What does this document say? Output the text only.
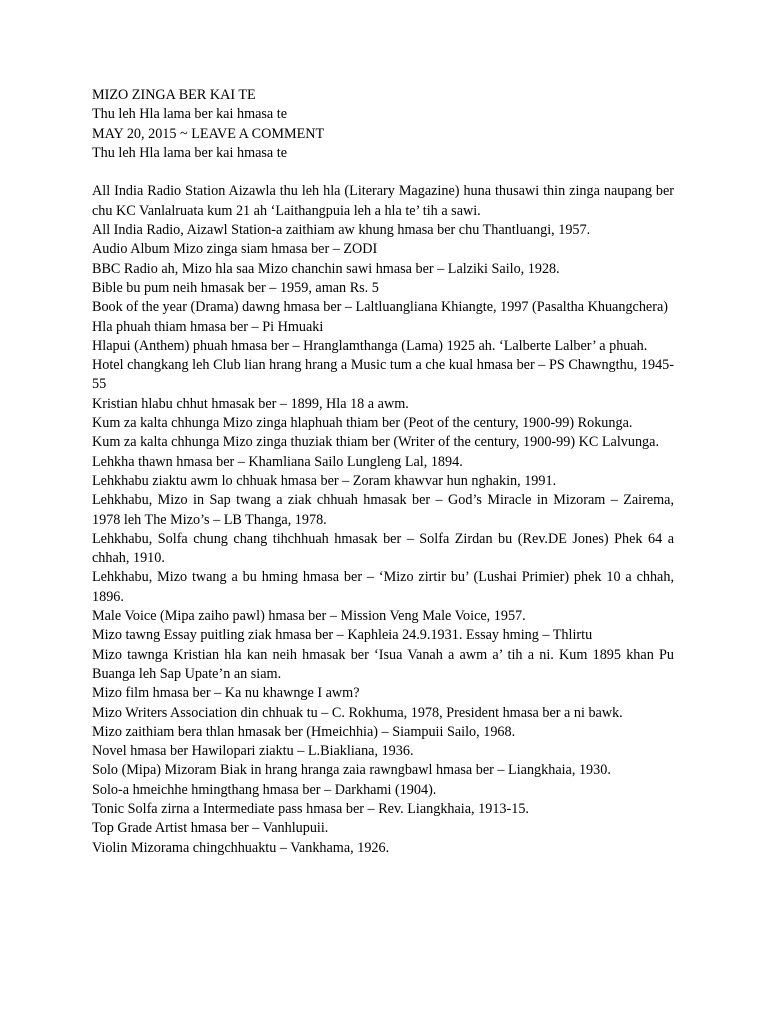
MIZO ZINGA BER KAI TE

Thu leh Hla lama ber kai hmasa te

MAY 20, 2015 ~ LEAVE A COMMENT

Thu leh Hla lama ber kai hmasa te

All India Radio Station Aizawla thu leh hla (Literary Magazine) huna thusawi thin zinga naupang ber chu KC Vanlalruata kum 21 ah ‘Laithangpuia leh a hla te’ tih a sawi.

All India Radio, Aizawl Station-a zaithiam aw khung hmasa ber chu Thantluangi, 1957.

Audio Album Mizo zinga siam hmasa ber – ZODI

BBC Radio ah, Mizo hla saa Mizo chanchin sawi hmasa ber – Lalziki Sailo, 1928.

Bible bu pum neih hmasak ber – 1959, aman Rs. 5

Book of the year (Drama) dawng hmasa ber – Laltluangliana Khiangte, 1997 (Pasaltha Khuangchera)

Hla phuah thiam hmasa ber – Pi Hmuaki

Hlapui (Anthem) phuah hmasa ber – Hranglamthanga (Lama) 1925 ah. ‘Lalberte Lalber’ a phuah.

Hotel changkang leh Club lian hrang hrang a Music tum a che kual hmasa ber – PS Chawngthu, 1945-55

Kristian hlabu chhut hmasak ber – 1899, Hla 18 a awm.

Kum za kalta chhunga Mizo zinga hlaphuah thiam ber (Peot of the century, 1900-99) Rokunga.

Kum za kalta chhunga Mizo zinga thuziak thiam ber (Writer of the century, 1900-99) KC Lalvunga.

Lehkha thawn hmasa ber – Khamliana Sailo Lungleng Lal, 1894.

Lehkhabu ziaktu awm lo chhuak hmasa ber – Zoram khawvar hun nghakin, 1991.

Lehkhabu, Mizo in Sap twang a ziak chhuah hmasak ber – God’s Miracle in Mizoram – Zairema, 1978 leh The Mizo’s – LB Thanga, 1978.

Lehkhabu, Solfa chung chang tihchhuah hmasak ber – Solfa Zirdan bu (Rev.DE Jones) Phek 64 a chhah, 1910.

Lehkhabu, Mizo twang a bu hming hmasa ber – ‘Mizo zirtir bu’ (Lushai Primier) phek 10 a chhah, 1896.

Male Voice (Mipa zaiho pawl) hmasa ber – Mission Veng Male Voice, 1957.

Mizo tawng Essay puitling ziak hmasa ber – Kaphleia 24.9.1931. Essay hming – Thlirtu

Mizo tawnga Kristian hla kan neih hmasak ber ‘Isua Vanah a awm a’ tih a ni. Kum 1895 khan Pu Buanga leh Sap Upate’n an siam.

Mizo film hmasa ber – Ka nu khawnge I awm?

Mizo Writers Association din chhuak tu – C. Rokhuma, 1978, President hmasa ber a ni bawk.

Mizo zaithiam bera thlan hmasak ber (Hmeichhia) – Siampuii Sailo, 1968.

Novel hmasa ber Hawilopari ziaktu – L.Biakliana, 1936.

Solo (Mipa) Mizoram Biak in hrang hranga zaia rawngbawl hmasa ber – Liangkhaia, 1930.

Solo-a hmeichhe hmingthang hmasa ber – Darkhami (1904).

Tonic Solfa zirna a Intermediate pass hmasa ber – Rev. Liangkhaia, 1913-15.

Top Grade Artist hmasa ber – Vanhlupuii.

Violin Mizorama chingchhuaktu – Vankhama, 1926.
